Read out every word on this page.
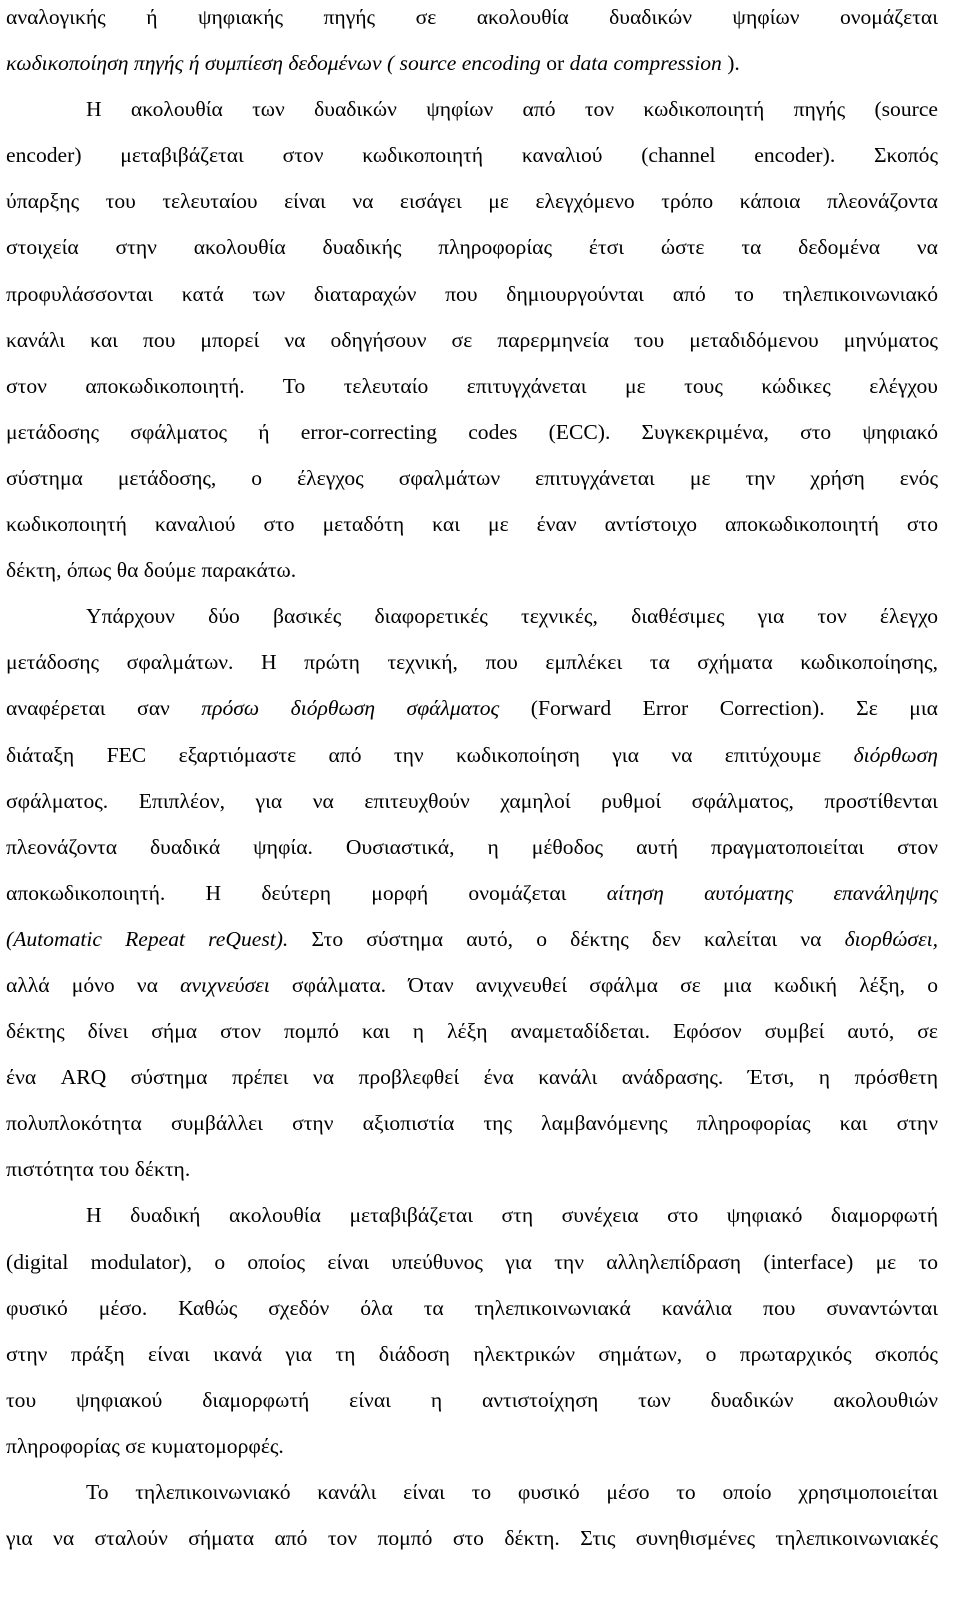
αναλογικής ή ψηφιακής πηγής σε ακολουθία δυαδικών ψηφίων ονομάζεται
κωδικοποίηση πηγής ή συμπίεση δεδομένων ( source encoding or data compression ).
Η ακολουθία των δυαδικών ψηφίων από τον κωδικοποιητή πηγής (source
encoder) μεταβιβάζεται στον κωδικοποιητή καναλιού (channel encoder). Σκοπός
ύπαρξης του τελευταίου είναι να εισάγει με ελεγχόμενο τρόπο κάποια πλεονάζοντα
στοιχεία στην ακολουθία δυαδικής πληροφορίας έτσι ώστε τα δεδομένα να
προφυλάσσονται κατά των διαταραχών που δημιουργούνται από το τηλεπικοινωνιακό
κανάλι και που μπορεί να οδηγήσουν σε παρερμηνεία του μεταδιδόμενου μηνύματος
στον αποκωδικοποιητή. Το τελευταίο επιτυγχάνεται με τους κώδικες ελέγχου
μετάδοσης σφάλματος ή error-correcting codes (ECC). Συγκεκριμένα, στο ψηφιακό
σύστημα μετάδοσης, ο έλεγχος σφαλμάτων επιτυγχάνεται με την χρήση ενός
κωδικοποιητή καναλιού στο μεταδότη και με έναν αντίστοιχο αποκωδικοποιητή στο
δέκτη, όπως θα δούμε παρακάτω.
Υπάρχουν δύο βασικές διαφορετικές τεχνικές, διαθέσιμες για τον έλεγχο
μετάδοσης σφαλμάτων. Η πρώτη τεχνική, που εμπλέκει τα σχήματα κωδικοποίησης,
αναφέρεται σαν πρόσω διόρθωση σφάλματος (Forward Error Correction). Σε μια
διάταξη FEC εξαρτιόμαστε από την κωδικοποίηση για να επιτύχουμε διόρθωση
σφάλματος. Επιπλέον, για να επιτευχθούν χαμηλοί ρυθμοί σφάλματος, προστίθενται
πλεονάζοντα δυαδικά ψηφία. Ουσιαστικά, η μέθοδος αυτή πραγματοποιείται στον
αποκωδικοποιητή. Η δεύτερη μορφή ονομάζεται αίτηση αυτόματης επανάληψης
(Automatic Repeat reQuest). Στο σύστημα αυτό, ο δέκτης δεν καλείται να διορθώσει,
αλλά μόνο να ανιχνεύσει σφάλματα. Όταν ανιχνευθεί σφάλμα σε μια κωδική λέξη, ο
δέκτης δίνει σήμα στον πομπό και η λέξη αναμεταδίδεται. Εφόσον συμβεί αυτό, σε
ένα ARQ σύστημα πρέπει να προβλεφθεί ένα κανάλι ανάδρασης. Έτσι, η πρόσθετη
πολυπλοκότητα συμβάλλει στην αξιοπιστία της λαμβανόμενης πληροφορίας και στην
πιστότητα του δέκτη.
Η δυαδική ακολουθία μεταβιβάζεται στη συνέχεια στο ψηφιακό διαμορφωτή
(digital modulator), ο οποίος είναι υπεύθυνος για την αλληλεπίδραση (interface) με το
φυσικό μέσο. Καθώς σχεδόν όλα τα τηλεπικοινωνιακά κανάλια που συναντώνται
στην πράξη είναι ικανά για τη διάδοση ηλεκτρικών σημάτων, ο πρωταρχικός σκοπός
του ψηφιακού διαμορφωτή είναι η αντιστοίχηση των δυαδικών ακολουθιών
πληροφορίας σε κυματομορφές.
Το τηλεπικοινωνιακό κανάλι είναι το φυσικό μέσο το οποίο χρησιμοποιείται
για να σταλούν σήματα από τον πομπό στο δέκτη. Στις συνηθισμένες τηλεπικοινωνιακές
